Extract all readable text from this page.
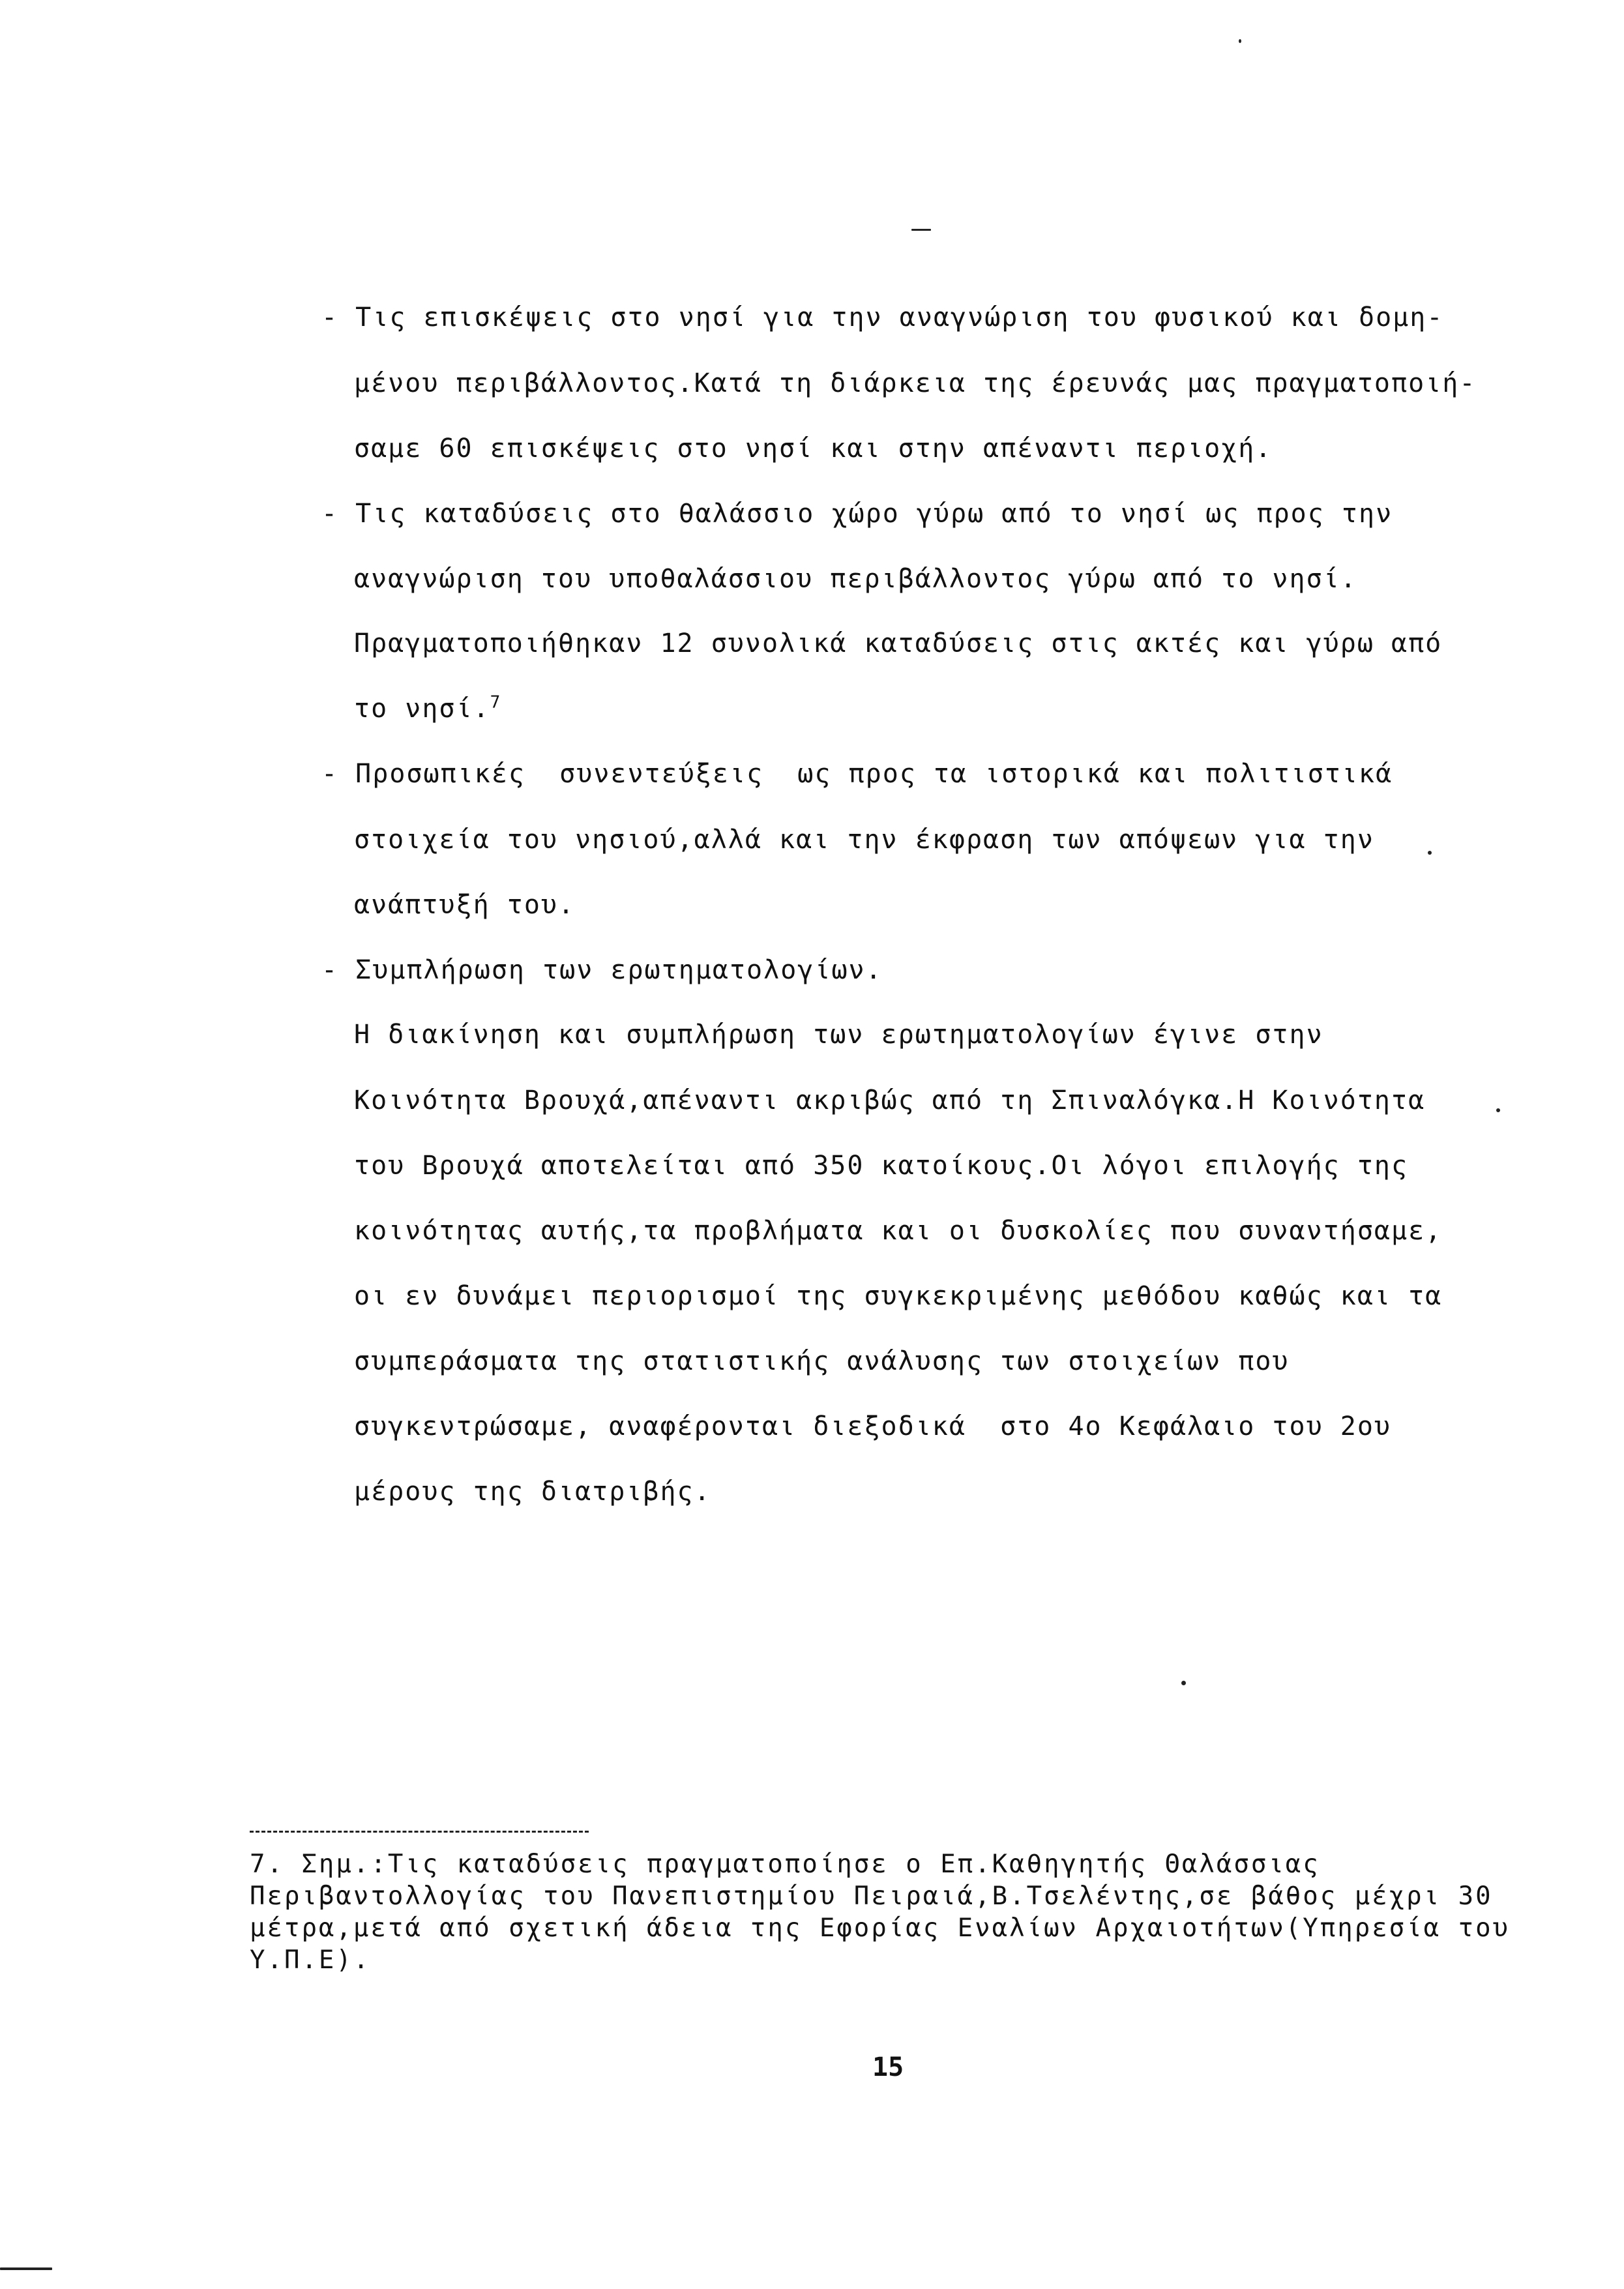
- Τις επισκέψεις στο νησί για την αναγνώριση του φυσικού και δομη-

μένου περιβάλλοντος.Κατά τη διάρκεια της έρευνάς μας πραγματοποιή-

σαμε 60 επισκέψεις στο νησί και στην απέναντι περιοχή.

- Τις καταδύσεις στο θαλάσσιο χώρο γύρω από το νησί ως προς την

αναγνώριση του υποθαλάσσιου περιβάλλοντος γύρω από το νησί.

Πραγματοποιήθηκαν 12 συνολικά καταδύσεις στις ακτές και γύρω από

το νησί.$^7$

- Προσωπικές  συνεντεύξεις  ως προς τα ιστορικά και πολιτιστικά

στοιχεία του νησιού,αλλά και την έκφραση των απόψεων για την

ανάπτυξή του.

- Συμπλήρωση των ερωτηματολογίων.

Η διακίνηση και συμπλήρωση των ερωτηματολογίων έγινε στην

Κοινότητα Βρουχά,απέναντι ακριβώς από τη Σπιναλόγκα.Η Κοινότητα

του Βρουχά αποτελείται από 350 κατοίκους.Οι λόγοι επιλογής της

κοινότητας αυτής,τα προβλήματα και οι δυσκολίες που συναντήσαμε,

οι εν δυνάμει περιορισμοί της συγκεκριμένης μεθόδου καθώς και τα

συμπεράσματα της στατιστικής ανάλυσης των στοιχείων που

συγκεντρώσαμε, αναφέρονται διεξοδικά  στο 4ο Κεφάλαιο του 2ου

μέρους της διατριβής.

7. Σημ.:Τις καταδύσεις πραγματοποίησε ο Επ.Καθηγητής Θαλάσσιας

Περιβαντολλογίας του Πανεπιστημίου Πειραιά,Β.Τσελέντης,σε βάθος μέχρι 30

μέτρα,μετά από σχετική άδεια της Εφορίας Εναλίων Αρχαιοτήτων(Υπηρεσία του

Υ.Π.Ε).

15
